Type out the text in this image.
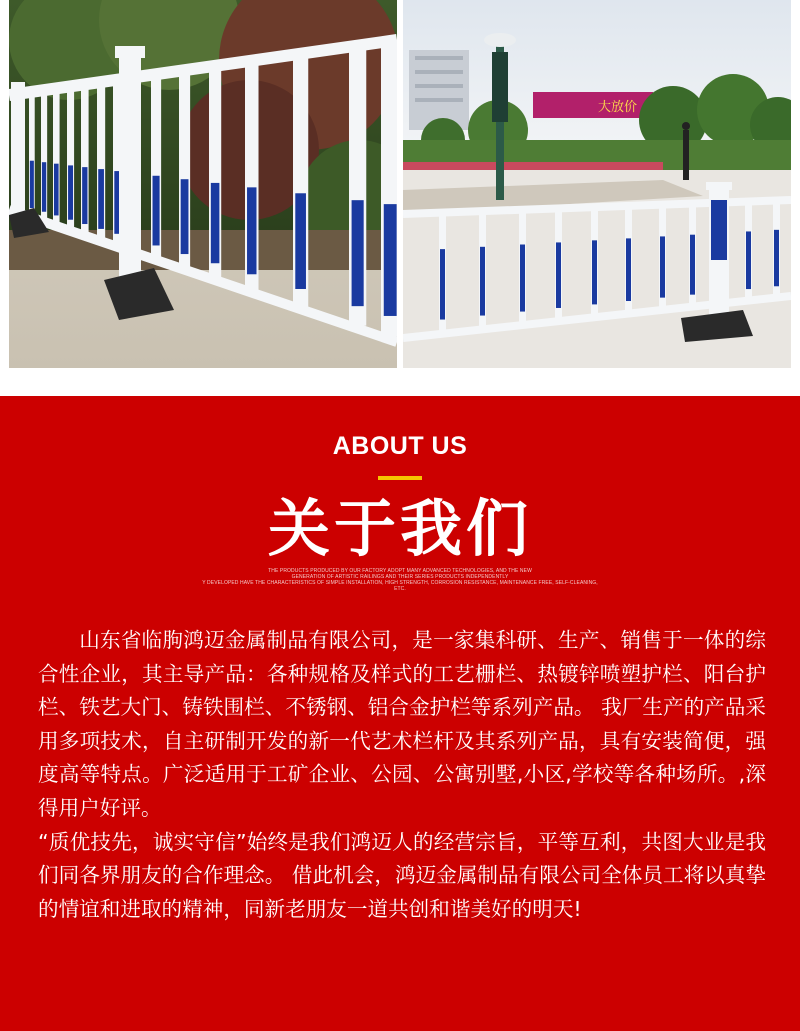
大放价
ABOUT US
关于我们
THE PRODUCTS PRODUCED BY OUR FACTORY ADOPT MANY ADVANCED TECHNOLOGIES, AND THE NEW
GENERATION OF ARTISTIC RAILINGS AND THEIR SERIES PRODUCTS INDEPENDENTLY
Y DEVELOPED HAVE THE CHARACTERISTICS OF SIMPLE INSTALLATION, HIGH STRENGTH, CORROSION RESISTANCE, MAINTENANCE FREE, SELF-CLEANING, ETC.

山东省临朐鸿迈金属制品有限公司，是一家集科研、生产、销售于一体的综合性企业，其主导产品：各种规格及样式的工艺栅栏、热镀锌喷塑护栏、阳台护栏、铁艺大门、铸铁围栏、不锈钢、铝合金护栏等系列产品。 我厂生产的产品采用多项技术，自主研制开发的新一代艺术栏杆及其系列产品，具有安装简便，强度高等特点。广泛适用于工矿企业、公园、公寓别墅,小区,学校等各种场所。,深得用户好评。

“质优技先，诚实守信”始终是我们鸿迈人的经营宗旨，平等互利，共图大业是我们同各界朋友的合作理念。 借此机会，鸿迈金属制品有限公司全体员工将以真挚的情谊和进取的精神，同新老朋友一道共创和谐美好的明天!
